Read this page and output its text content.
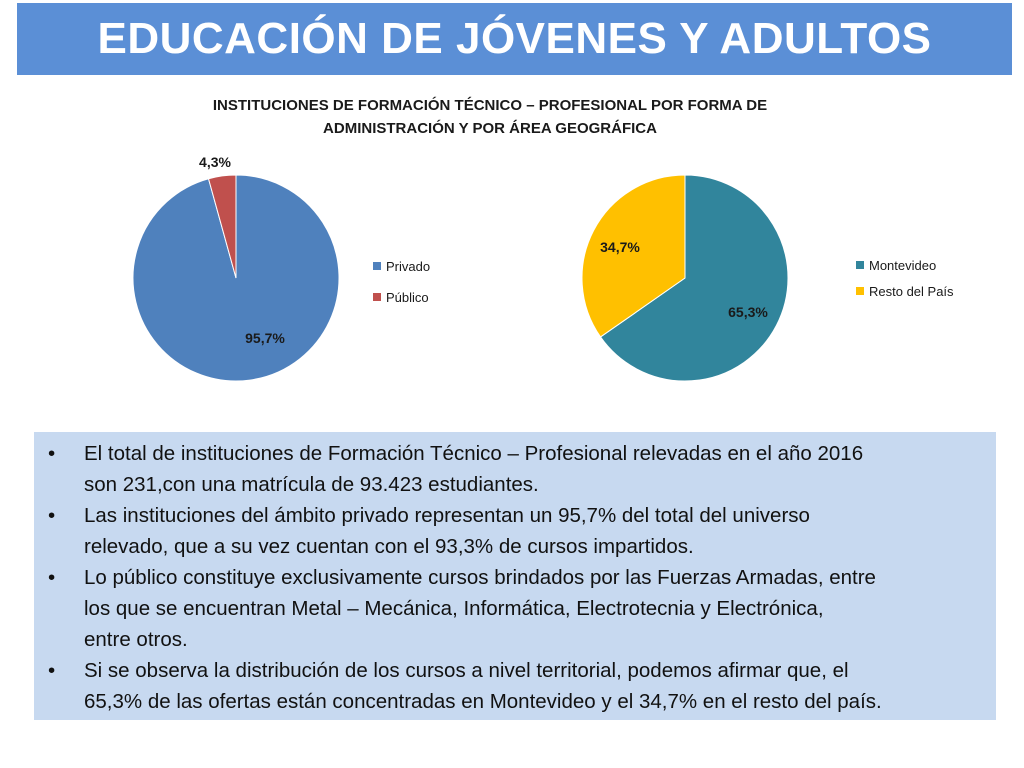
EDUCACIÓN DE JÓVENES Y ADULTOS
INSTITUCIONES DE FORMACIÓN TÉCNICO – PROFESIONAL POR FORMA DE
ADMINISTRACIÓN Y POR ÁREA GEOGRÁFICA
95,7%
4,3%
Privado
Público
65,3%
34,7%
Montevideo
Resto del País
• El total de instituciones de Formación Técnico – Profesional relevadas en el año 2016
son 231,con una matrícula de 93.423 estudiantes.
• Las instituciones del ámbito privado representan un 95,7% del total del universo
relevado, que a su vez cuentan con el 93,3% de cursos impartidos.
• Lo público constituye exclusivamente cursos brindados por las Fuerzas Armadas, entre
los que se encuentran Metal – Mecánica, Informática, Electrotecnia y Electrónica,
entre otros.
• Si se observa la distribución de los cursos a nivel territorial, podemos afirmar que, el
65,3% de las ofertas están concentradas en Montevideo y el 34,7% en el resto del país.
